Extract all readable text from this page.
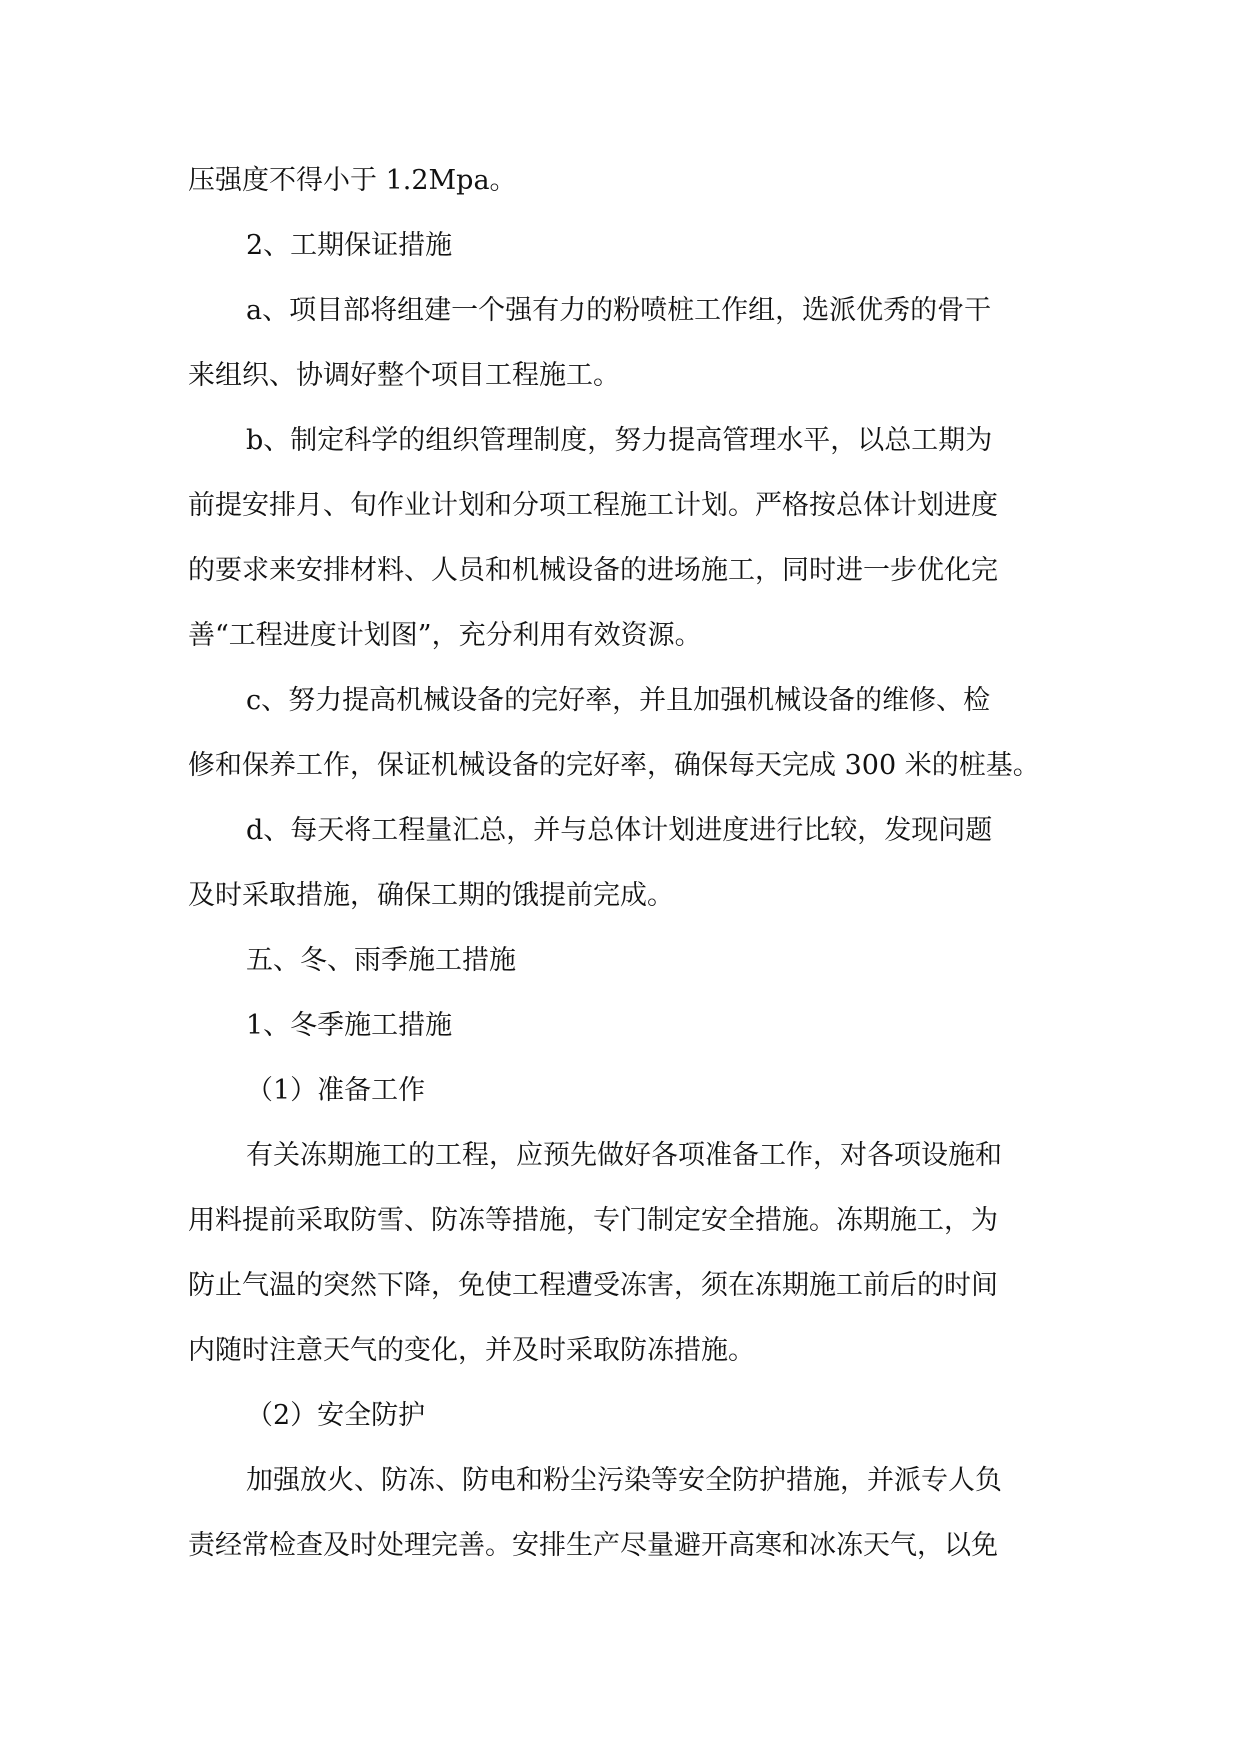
压强度不得小于 1.2Mpa。
2、工期保证措施
a、项目部将组建一个强有力的粉喷桩工作组，选派优秀的骨干
来组织、协调好整个项目工程施工。
b、制定科学的组织管理制度，努力提高管理水平，以总工期为
前提安排月、旬作业计划和分项工程施工计划。严格按总体计划进度
的要求来安排材料、人员和机械设备的进场施工，同时进一步优化完
善“工程进度计划图”，充分利用有效资源。
c、努力提高机械设备的完好率，并且加强机械设备的维修、检
修和保养工作，保证机械设备的完好率，确保每天完成 300 米的桩基。
d、每天将工程量汇总，并与总体计划进度进行比较，发现问题
及时采取措施，确保工期的饿提前完成。
五、冬、雨季施工措施
1、冬季施工措施
（1）准备工作
有关冻期施工的工程，应预先做好各项准备工作，对各项设施和
用料提前采取防雪、防冻等措施，专门制定安全措施。冻期施工，为
防止气温的突然下降，免使工程遭受冻害，须在冻期施工前后的时间
内随时注意天气的变化，并及时采取防冻措施。
（2）安全防护
加强放火、防冻、防电和粉尘污染等安全防护措施，并派专人负
责经常检查及时处理完善。安排生产尽量避开高寒和冰冻天气，以免
